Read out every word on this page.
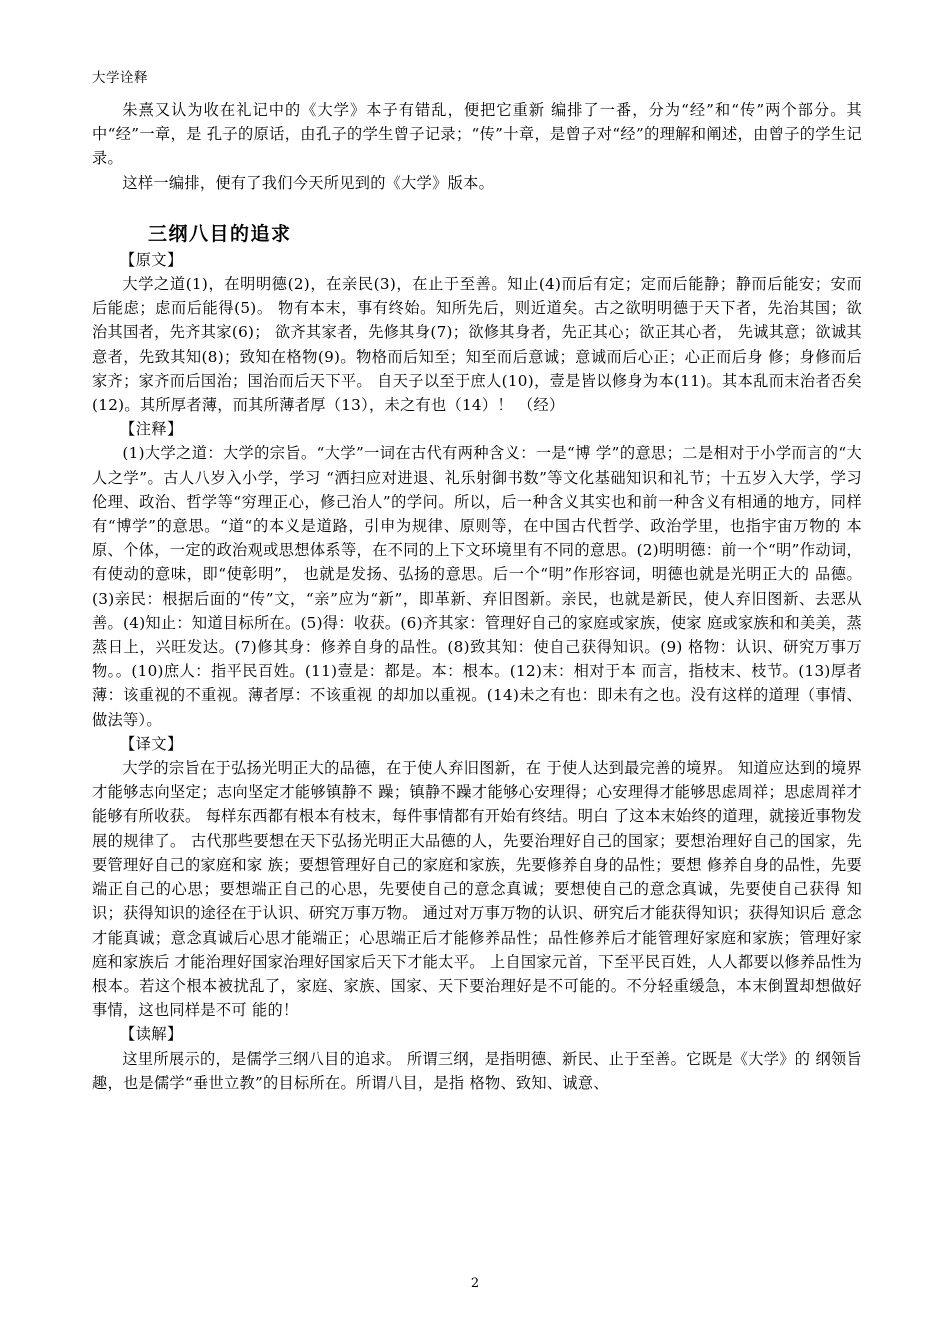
大学诠释

朱熹又认为收在礼记中的《大学》本子有错乱，便把它重新 编排了一番，分为“经”和“传”两个部分。其中“经”一章，是 孔子的原话，由孔子的学生曾子记录；“传”十章，是曾子对“经”的理解和阐述，由曾子的学生记录。

这样一编排，便有了我们今天所见到的《大学》版本。

三纲八目的追求
【原文】

大学之道(1)，在明明德(2)，在亲民(3)，在止于至善。知止(4)而后有定；定而后能静；静而后能安；安而后能虑；虑而后能得(5)。 物有本末，事有终始。知所先后，则近道矣。古之欲明明德于天下者，先治其国；欲治其国者，先齐其家(6)； 欲齐其家者，先修其身(7)；欲修其身者，先正其心；欲正其心者， 先诚其意；欲诚其意者，先致其知(8)；致知在格物(9)。物格而后知至；知至而后意诚；意诚而后心正；心正而后身 修；身修而后家齐；家齐而后国治；国治而后天下平。 自天子以至于庶人(10)，壹是皆以修身为本(11)。其本乱而末治者否矣(12)。其所厚者薄，而其所薄者厚（13），未之有也（14）！ （经）

【注释】

(1)大学之道：大学的宗旨。“大学”一词在古代有两种含义：一是“博 学”的意思；二是相对于小学而言的“大人之学”。古人八岁入小学，学习 “洒扫应对进退、礼乐射御书数”等文化基础知识和礼节；十五岁入大学，学习伦理、政治、哲学等“穷理正心，修己治人”的学问。所以，后一种含义其实也和前一种含义有相通的地方，同样有“博学”的意思。“道“的本义是道路，引申为规律、原则等，在中国古代哲学、政治学里，也指宇宙万物的 本原、个体，一定的政治观或思想体系等，在不同的上下文环境里有不同的意思。(2)明明德：前一个“明”作动词，有使动的意味，即“使彰明”， 也就是发扬、弘扬的意思。后一个“明”作形容词，明德也就是光明正大的 品德。(3)亲民：根据后面的“传”文，“亲”应为“新”，即革新、弃旧图新。亲民，也就是新民，使人弃旧图新、去恶从善。(4)知止：知道目标所在。(5)得：收获。(6)齐其家：管理好自己的家庭或家族，使家 庭或家族和和美美，蒸蒸日上，兴旺发达。(7)修其身：修养自身的品性。(8)致其知：使自己获得知识。(9) 格物：认识、研究万事万物。。(10)庶人：指平民百姓。(11)壹是：都是。本：根本。(12)末：相对于本 而言，指枝末、枝节。(13)厚者薄：该重视的不重视。薄者厚：不该重视 的却加以重视。(14)未之有也：即未有之也。没有这样的道理（事情、做法等）。

【译文】

大学的宗旨在于弘扬光明正大的品德，在于使人弃旧图新，在 于使人达到最完善的境界。 知道应达到的境界才能够志向坚定；志向坚定才能够镇静不 躁；镇静不躁才能够心安理得；心安理得才能够思虑周祥；思虑周祥才能够有所收获。 每样东西都有根本有枝末，每件事情都有开始有终结。明白 了这本末始终的道理，就接近事物发展的规律了。 古代那些要想在天下弘扬光明正大品德的人，先要治理好自己的国家；要想治理好自己的国家，先要管理好自己的家庭和家 族；要想管理好自己的家庭和家族，先要修养自身的品性；要想 修养自身的品性，先要端正自己的心思；要想端正自己的心思，先要使自己的意念真诚；要想使自己的意念真诚，先要使自己获得 知识；获得知识的途径在于认识、研究万事万物。 通过对万事万物的认识、研究后才能获得知识；获得知识后 意念才能真诚；意念真诚后心思才能端正；心思端正后才能修养品性；品性修养后才能管理好家庭和家族；管理好家庭和家族后 才能治理好国家治理好国家后天下才能太平。 上自国家元首，下至平民百姓，人人都要以修养品性为根本。若这个根本被扰乱了，家庭、家族、国家、天下要治理好是不可能的。不分轻重缓急，本末倒置却想做好事情，这也同样是不可 能的！

【读解】

这里所展示的，是儒学三纲八目的追求。 所谓三纲，是指明德、新民、止于至善。它既是《大学》的 纲领旨趣，也是儒学“垂世立教”的目标所在。所谓八目，是指 格物、致知、诚意、

2
